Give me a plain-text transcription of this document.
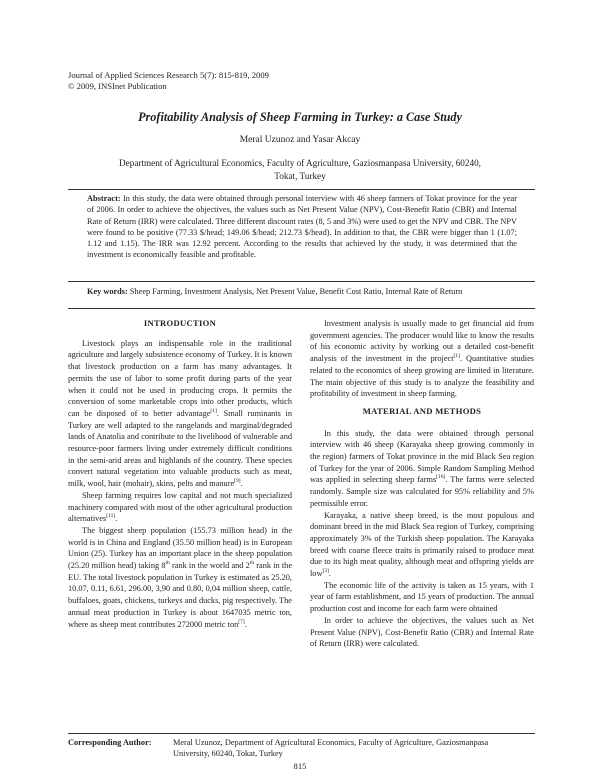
Journal of Applied Sciences Research 5(7): 815-819, 2009
© 2009, INSInet Publication
Profitability Analysis of Sheep Farming in Turkey: a Case Study
Meral Uzunoz and Yasar Akcay
Department of Agricultural Economics, Faculty of Agriculture, Gaziosmanpasa University, 60240,
Tokat, Turkey
Abstract: In this study, the data were obtained through personal interview with 46 sheep farmers of Tokat province for the year of 2006. In order to achieve the objectives, the values such as Net Present Value (NPV), Cost-Benefit Ratio (CBR) and Internal Rate of Return (IRR) were calculated. Three different discount rates (8, 5 and 3%) were used to get the NPV and CBR. The NPV were found to be positive (77.33 $/head; 149.06 $/head; 212.73 $/head). In addition to that, the CBR were bigger than 1 (1.07; 1.12 and 1.15). The IRR was 12.92 percent. According to the results that achieved by the study, it was determined that the investment is economically feasible and profitable.
Key words: Sheep Farming, Investment Analysis, Net Present Value, Benefit Cost Ratio, Internal Rate of Return
INTRODUCTION

Livestock plays an indispensable role in the traditional agriculture and largely subsistence economy of Turkey. It is known that livestock production on a farm has many advantages. It permits the use of labor to some profit during parts of the year when it could not be used in producing crops. It permits the conversion of some marketable crops into other products, which can be disposed of to better advantage[1]. Small ruminants in Turkey are well adapted to the rangelands and marginal/degraded lands of Anatolia and contribute to the livelihood of vulnerable and resource-poor farmers living under extremely difficult conditions in the semi-arid areas and highlands of the country. These species convert natural vegetation into valuable products such as meat, milk, wool, hair (mohair), skins, pelts and manure[9].

Sheep farming requires low capital and not much specialized machinery compared with most of the other agricultural production alternatives[11].

The biggest sheep population (155.73 million head) in the world is in China and England (35.50 million head) is in European Union (25). Turkey has an important place in the sheep population (25.20 million head) taking 8th rank in the world and 2th rank in the EU. The total livestock population in Turkey is estimated as 25.20, 10.07, 0.11, 6.61, 296.00, 3,90 and 0.80, 0,04 million sheep, cattle, buffaloes, goats, chickens, turkeys and ducks, pig respectively. The annual meat production in Turkey is about 1647035 metric ton, where as sheep meat contributes 272000 metric ton[7].

Investment analysis is usually made to get financial aid from government agencies. The producer would like to know the results of his economic activity by working out a detailed cost-benefit analysis of the investment in the project[1]. Quantitative studies related to the economics of sheep growing are limited in literature. The main objective of this study is to analyze the feasibility and profitability of investment in sheep farming.

MATERIAL AND METHODS

In this study, the data were obtained through personal interview with 46 sheep (Karayaka sheep growing commonly in the region) farmers of Tokat province in the mid Black Sea region of Turkey for the year of 2006. Simple Random Sampling Method was applied in selecting sheep farms[16]. The farms were selected randomly. Sample size was calculated for 95% reliability and 5% permissible error.

Karayaka, a native sheep breed, is the most populous and dominant breed in the mid Black Sea region of Turkey, comprising approximately 3% of the Turkish sheep population. The Karayaka breed with coarse fleece traits is primarily raised to produce meat due to its high meat quality, although meat and offspring yields are low[3].

The economic life of the activity is taken as 15 years, with 1 year of farm establishment, and 15 years of production. The annual production cost and income for each farm were obtained

In order to achieve the objectives, the values such as Net Present Value (NPV), Cost-Benefit Ratio (CBR) and Internal Rate of Return (IRR) were calculated.

Corresponding Author:	Meral Uzunoz, Department of Agricultural Economics, Faculty of Agriculture, Gaziosmanpasa
University, 60240, Tokat, Turkey
815
